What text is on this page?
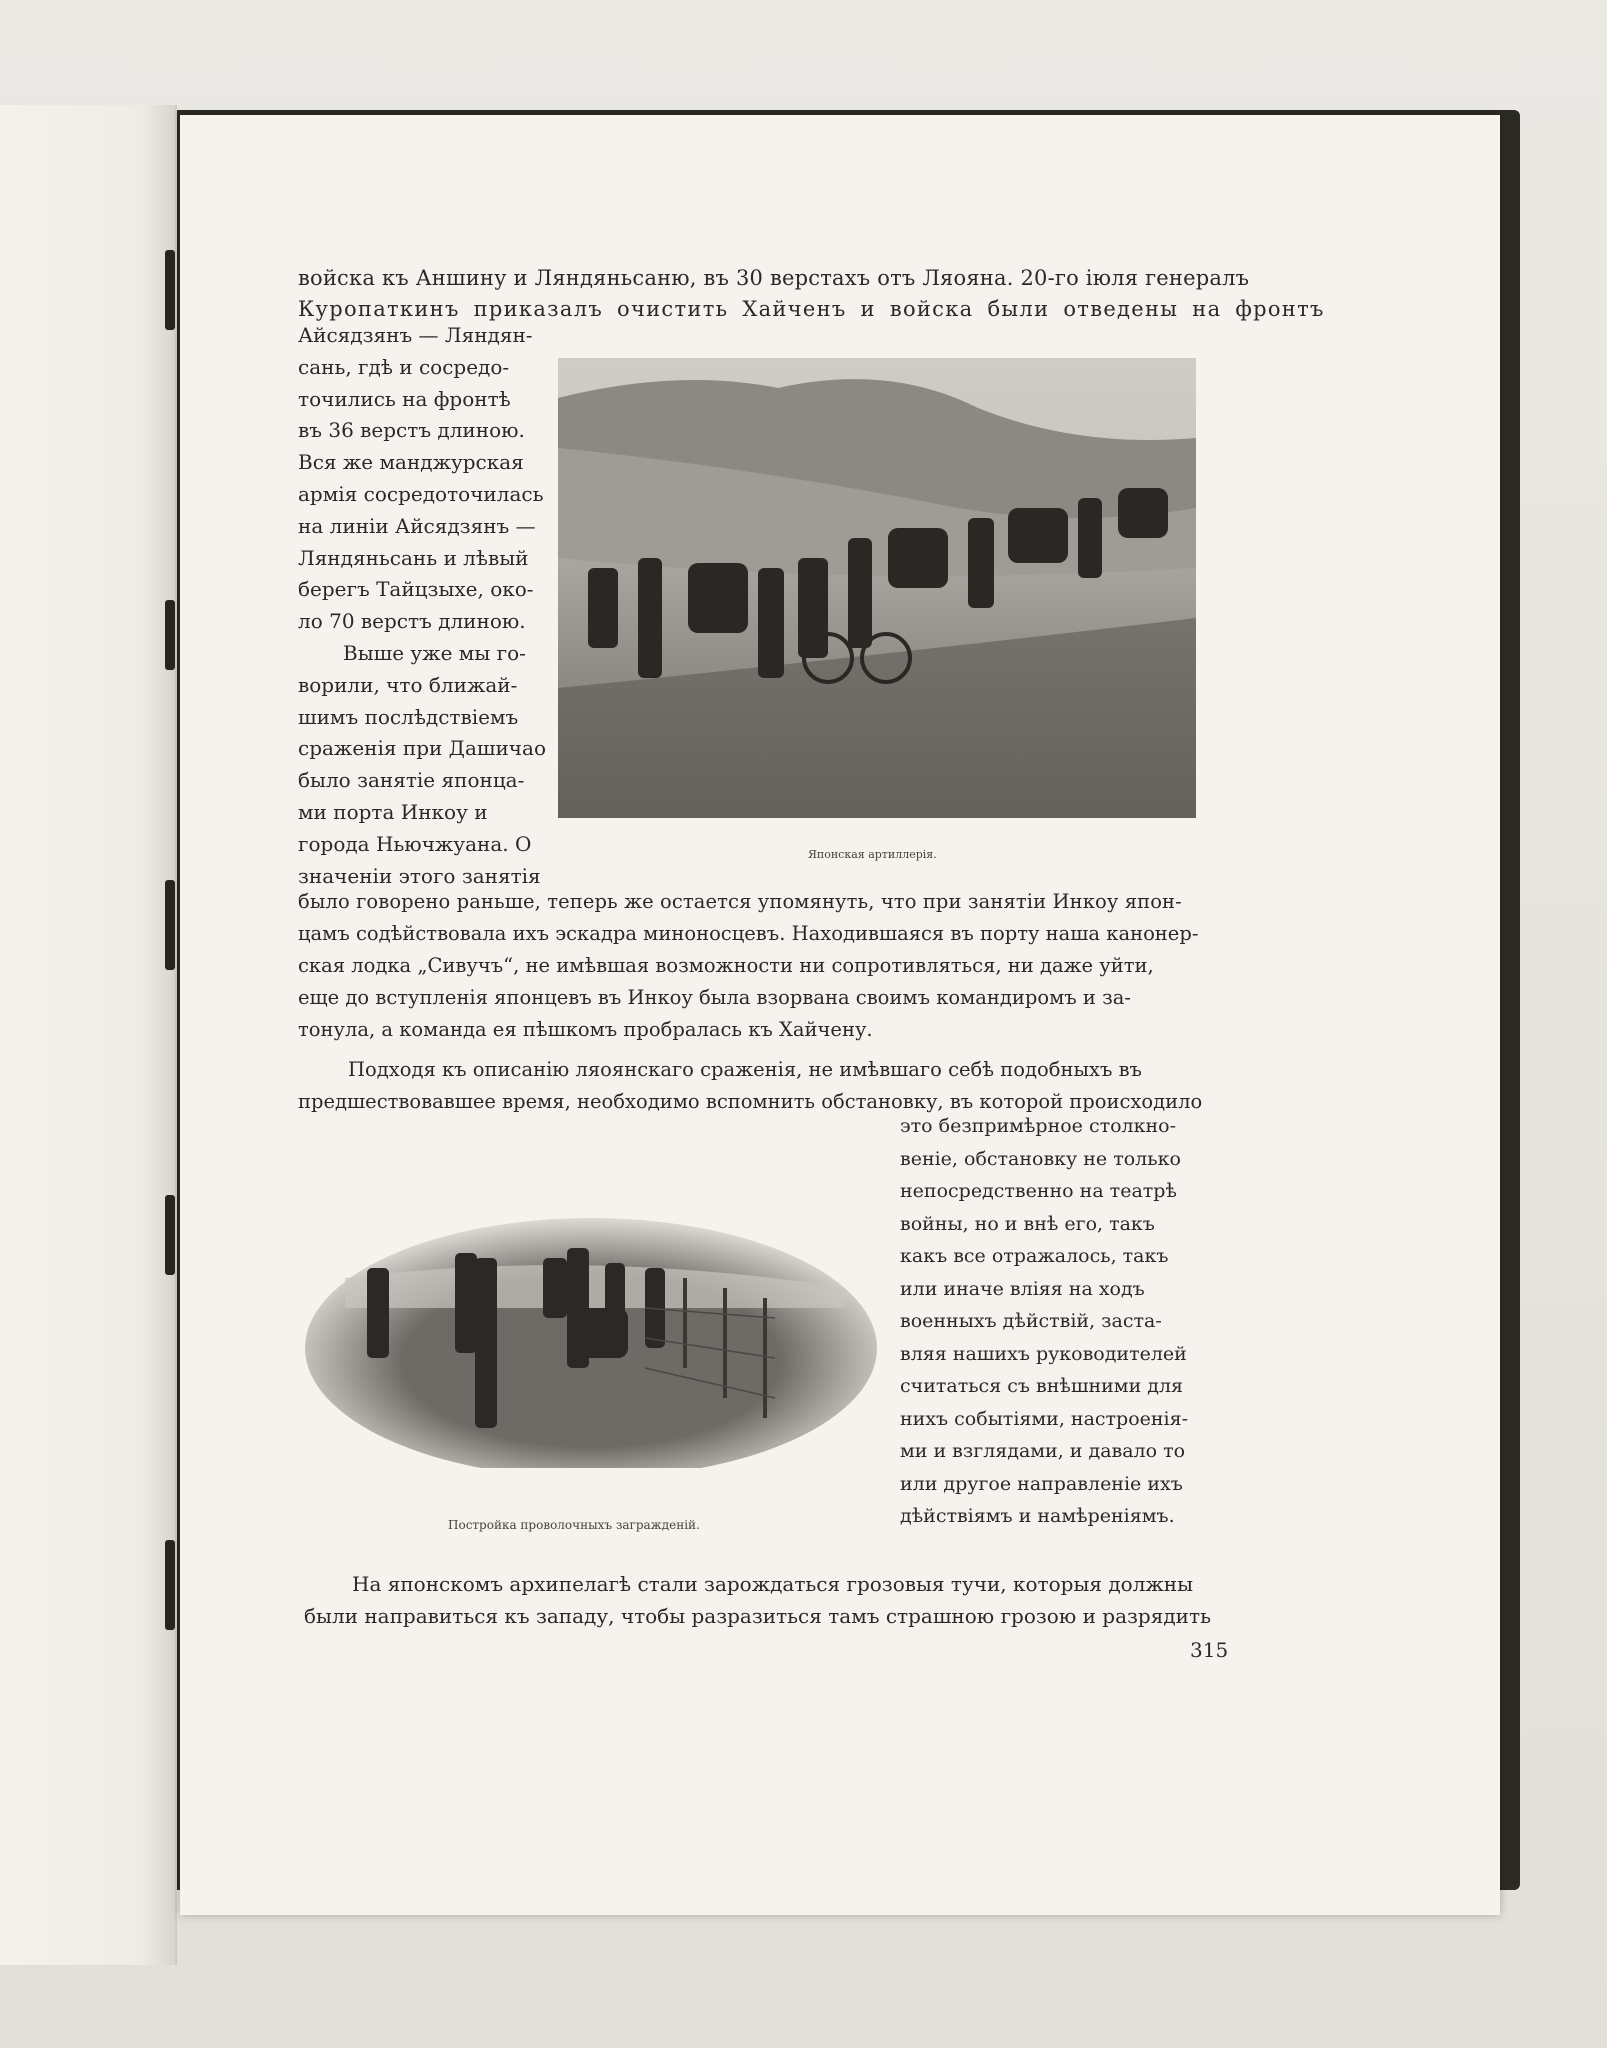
войска къ Аншину и Ляндяньсаню, въ 30 верстахъ отъ Ляояна. 20-го іюля генералъ
Куропаткинъ приказалъ очистить Хайченъ и войска были отведены на фронтъ
Айсядзянъ — Ляндян-
сань, гдѣ и сосредо-
точились на фронтѣ
въ 36 верстъ длиною.
Вся же манджурская
армія сосредоточилась
на линіи Айсядзянъ —
Ляндяньсань и лѣвый
берегъ Тайцзыхе, око-
ло 70 верстъ длиною.
Выше уже мы го-
ворили, что ближай-
шимъ послѣдствіемъ
сраженія при Дашичао
было занятіе японца-
ми порта Инкоу и
города Ньючжуана. О
значеніи этого занятія
Японская артиллерія.
было говорено раньше, теперь же остается упомянуть, что при занятіи Инкоу япон-
цамъ содѣйствовала ихъ эскадра миноносцевъ. Находившаяся въ порту наша канонер-
ская лодка „Сивучъ“, не имѣвшая возможности ни сопротивляться, ни даже уйти,
еще до вступленія японцевъ въ Инкоу была взорвана своимъ командиромъ и за-
тонула, а команда ея пѣшкомъ пробралась къ Хайчену.
Подходя къ описанію ляоянскаго сраженія, не имѣвшаго себѣ подобныхъ въ
предшествовавшее время, необходимо вспомнить обстановку, въ которой происходило
Постройка проволочныхъ загражденій.
это безпримѣрное столкно-
веніе, обстановку не только
непосредственно на театрѣ
войны, но и внѣ его, такъ
какъ все отражалось, такъ
или иначе вліяя на ходъ
военныхъ дѣйствій, заста-
вляя нашихъ руководителей
считаться съ внѣшними для
нихъ событіями, настроенія-
ми и взглядами, и давало то
или другое направленіе ихъ
дѣйствіямъ и намѣреніямъ.
На японскомъ архипелагѣ стали зарождаться грозовыя тучи, которыя должны
были направиться къ западу, чтобы разразиться тамъ страшною грозою и разрядить
315
